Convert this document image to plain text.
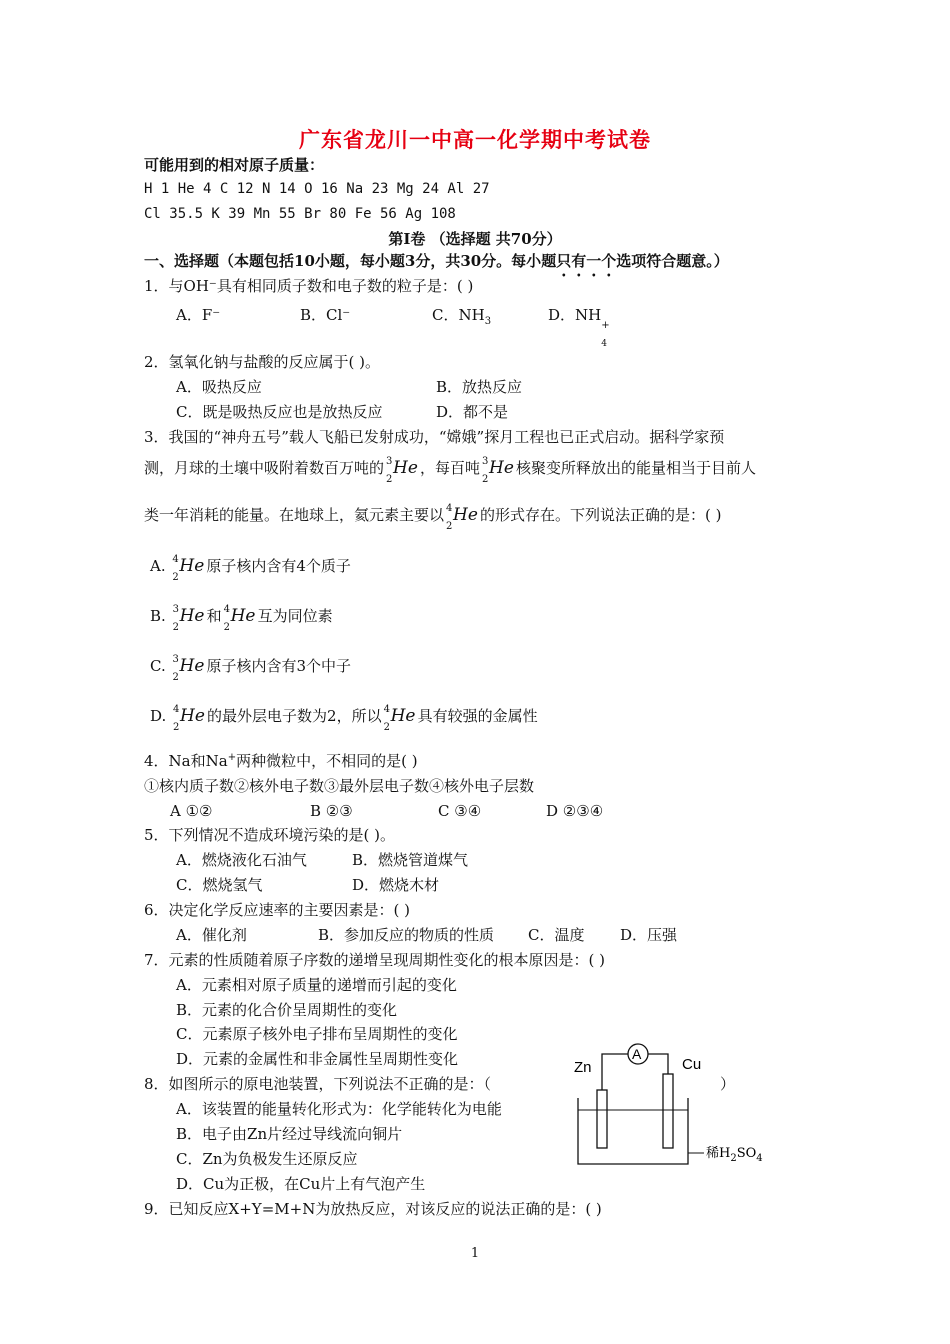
广东省龙川一中高一化学期中考试卷
可能用到的相对原子质量：
H 1 He 4 C 12 N 14 O 16 Na 23 Mg 24 Al 27
Cl 35.5 K 39 Mn 55 Br 80 Fe 56 Ag 108
第Ⅰ卷 （选择题 共70分）
一、选择题（本题包括10小题，每小题3分，共30分。每小题只有一个选项符合题意。）
1．与OH⁻具有相同质子数和电子数的粒子是：( )
A．F⁻	B．Cl⁻	C．$NH_3$	D．NH
+
4
2．氢氧化钠与盐酸的反应属于( )。
A．吸热反应	B．放热反应
C．既是吸热反应也是放热反应	D．都不是
3．我国的“神舟五号”载人飞船已发射成功，“嫦娥”探月工程也已正式启动。据科学家预
测，月球的土壤中吸附着数百万吨的 3
2
He ，每百吨 3
2
He 核聚变所释放出的能量相当于目前人
类一年消耗的能量。在地球上，氦元素主要以 4
2
He 的形式存在。下列说法正确的是：( )
A. 4
2
He 原子核内含有4个质子
B. 3
2
He 和 4
2
He 互为同位素
C. 3
2
He 原子核内含有3个中子
D. 4
2
He 的最外层电子数为2，所以 4
2
He 具有较强的金属性
4．Na和Na+两种微粒中，不相同的是( )
①核内质子数②核外电子数③最外层电子数④核外电子层数
A ①②	B ②③	C ③④	D ②③④
5．下列情况不造成环境污染的是( )。
A．燃烧液化石油气	B．燃烧管道煤气
C．燃烧氢气	D．燃烧木材
6．决定化学反应速率的主要因素是：( )
A．催化剂	B．参加反应的物质的性质 C．温度 D．压强
7．元素的性质随着原子序数的递增呈现周期性变化的根本原因是：( )
A．元素相对原子质量的递增而引起的变化
B．元素的化合价呈周期性的变化
C．元素原子核外电子排布呈周期性的变化
D．元素的金属性和非金属性呈周期性变化
8．如图所示的原电池装置，下列说法不正确的是：（	）
A．该装置的能量转化形式为：化学能转化为电能
B．电子由Zn片经过导线流向铜片
C．Zn为负极发生还原反应
D．Cu为正极，在Cu片上有气泡产生
Zn	Cu
A
稀$H_2SO_4$
9．已知反应X+Y=M+N为放热反应，对该反应的说法正确的是：( )
1
